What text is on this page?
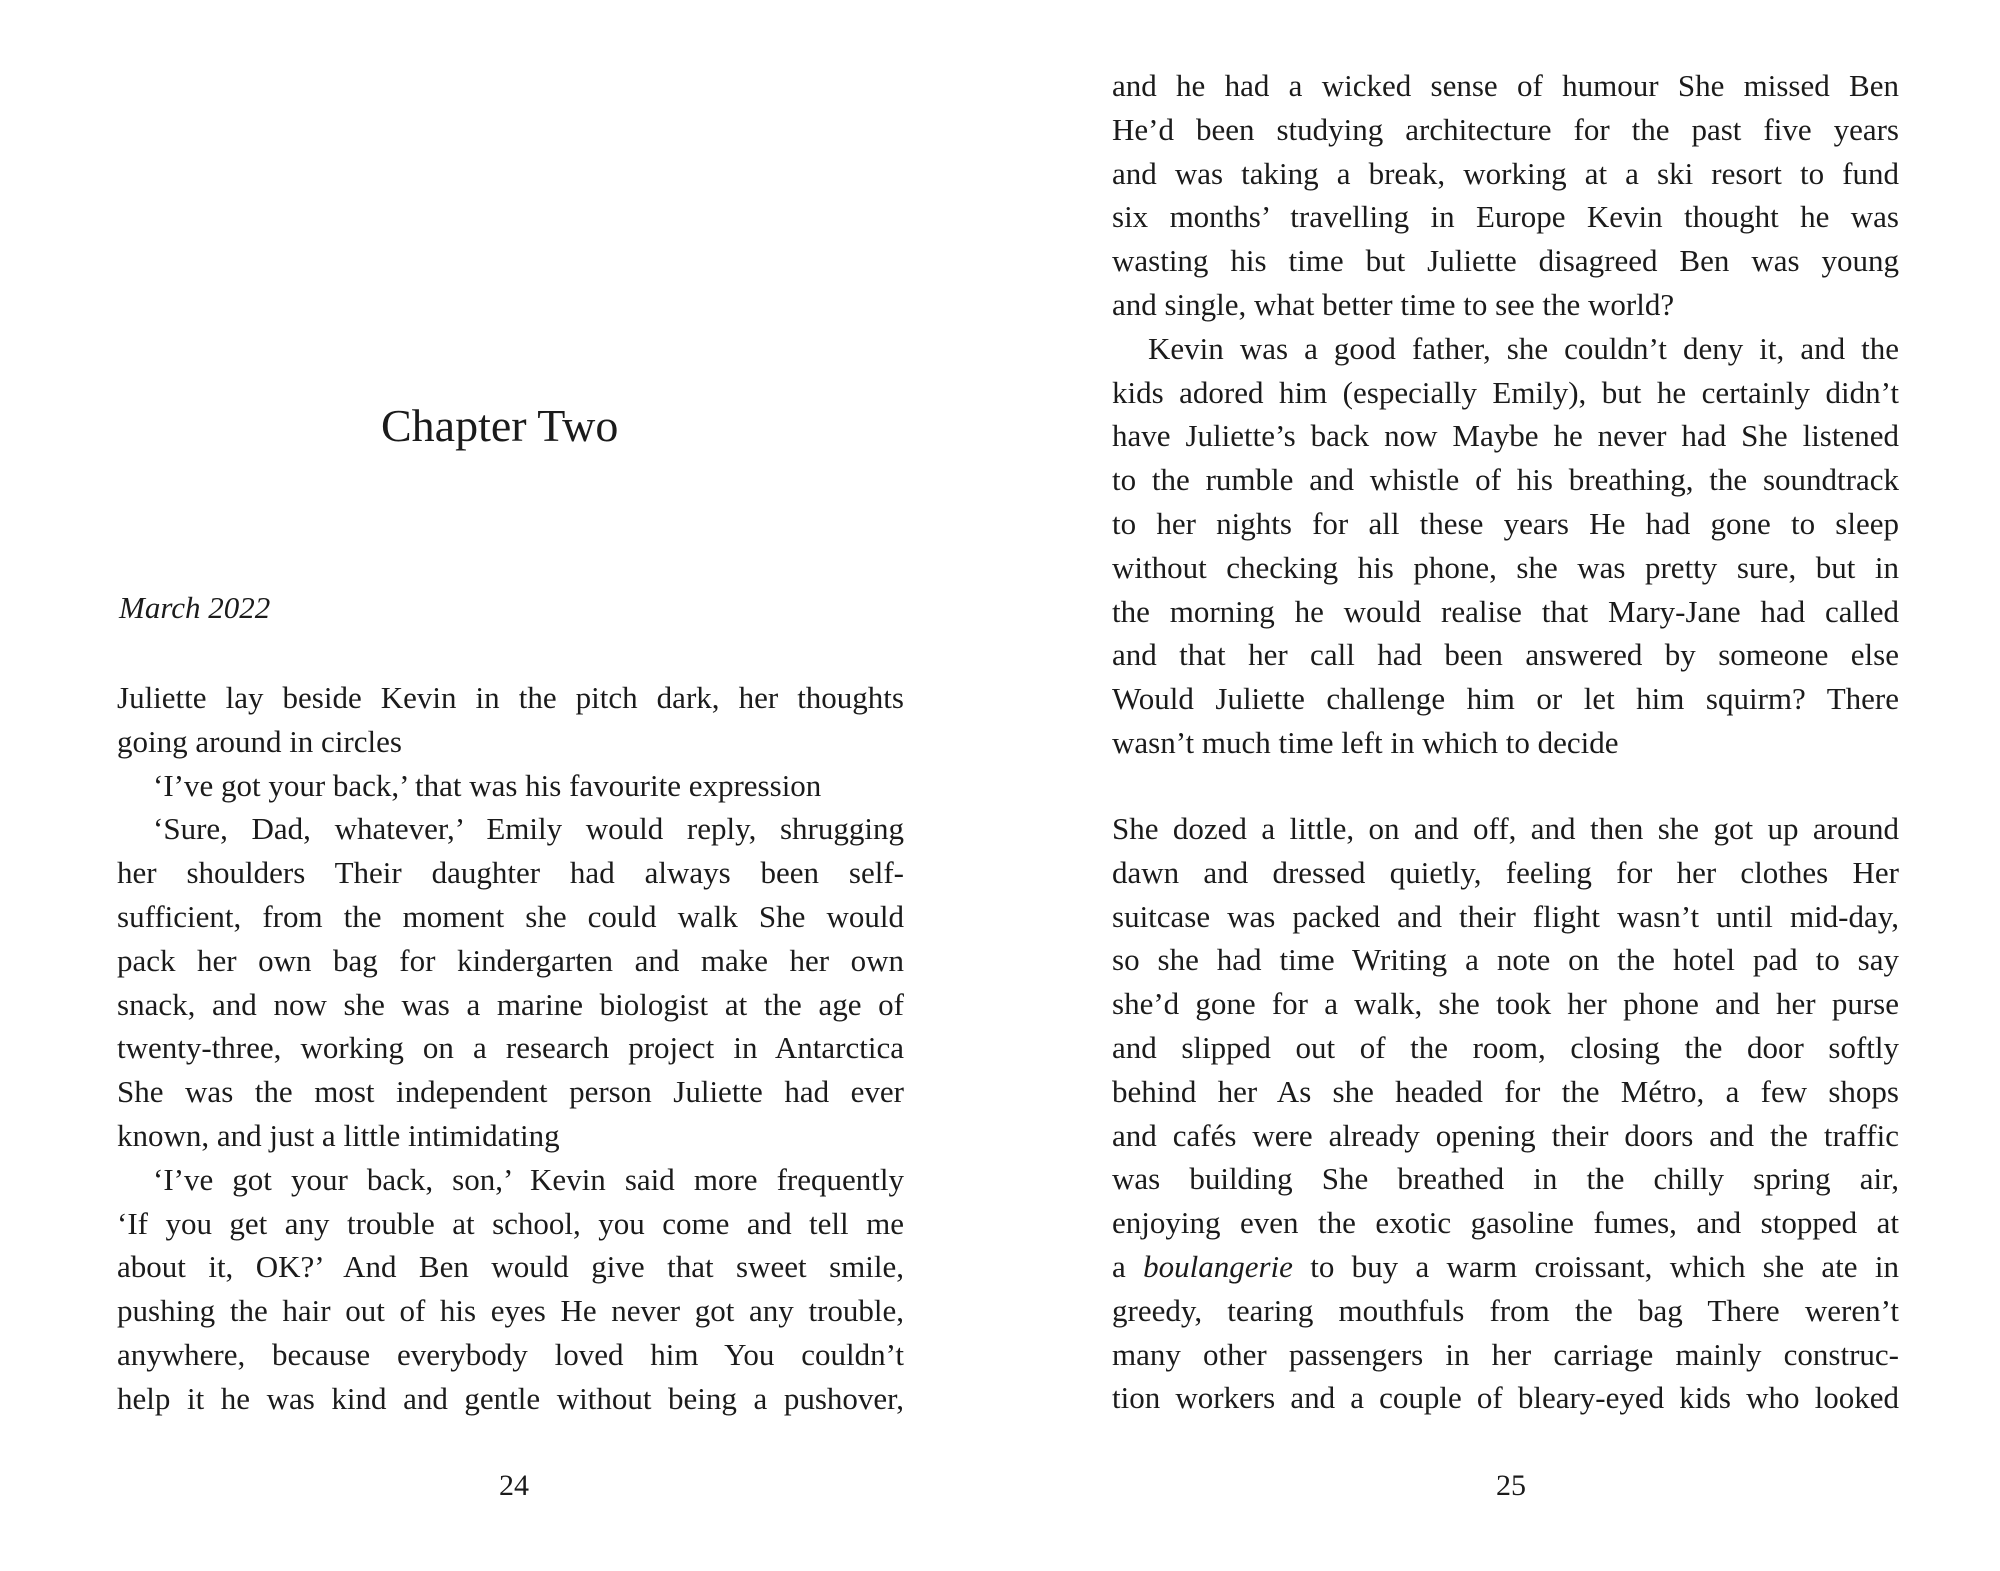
Chapter Two

March 2022

Juliette lay beside Kevin in the pitch dark, her thoughts
going around in circles
‘I’ve got your back,’ that was his favourite expression
‘Sure, Dad, whatever,’ Emily would reply, shrugging
her shoulders Their daughter had always been self-
sufficient, from the moment she could walk She would
pack her own bag for kindergarten and make her own
snack, and now she was a marine biologist at the age of
twenty-three, working on a research project in Antarctica
She was the most independent person Juliette had ever
known, and just a little intimidating
‘I’ve got your back, son,’ Kevin said more frequently
‘If you get any trouble at school, you come and tell me
about it, OK?’ And Ben would give that sweet smile,
pushing the hair out of his eyes He never got any trouble,
anywhere, because everybody loved him You couldn’t
help it he was kind and gentle without being a pushover,

24

and he had a wicked sense of humour She missed Ben
He’d been studying architecture for the past five years
and was taking a break, working at a ski resort to fund
six months’ travelling in Europe Kevin thought he was
wasting his time but Juliette disagreed Ben was young
and single, what better time to see the world?
Kevin was a good father, she couldn’t deny it, and the
kids adored him (especially Emily), but he certainly didn’t
have Juliette’s back now Maybe he never had She listened
to the rumble and whistle of his breathing, the soundtrack
to her nights for all these years He had gone to sleep
without checking his phone, she was pretty sure, but in
the morning he would realise that Mary-Jane had called
and that her call had been answered by someone else
Would Juliette challenge him or let him squirm? There
wasn’t much time left in which to decide
She dozed a little, on and off, and then she got up around
dawn and dressed quietly, feeling for her clothes Her
suitcase was packed and their flight wasn’t until mid-day,
so she had time Writing a note on the hotel pad to say
she’d gone for a walk, she took her phone and her purse
and slipped out of the room, closing the door softly
behind her As she headed for the Métro, a few shops
and cafés were already opening their doors and the traffic
was building She breathed in the chilly spring air,
enjoying even the exotic gasoline fumes, and stopped at
a boulangerie to buy a warm croissant, which she ate in
greedy, tearing mouthfuls from the bag There weren’t
many other passengers in her carriage mainly construc-
tion workers and a couple of bleary-eyed kids who looked

25
